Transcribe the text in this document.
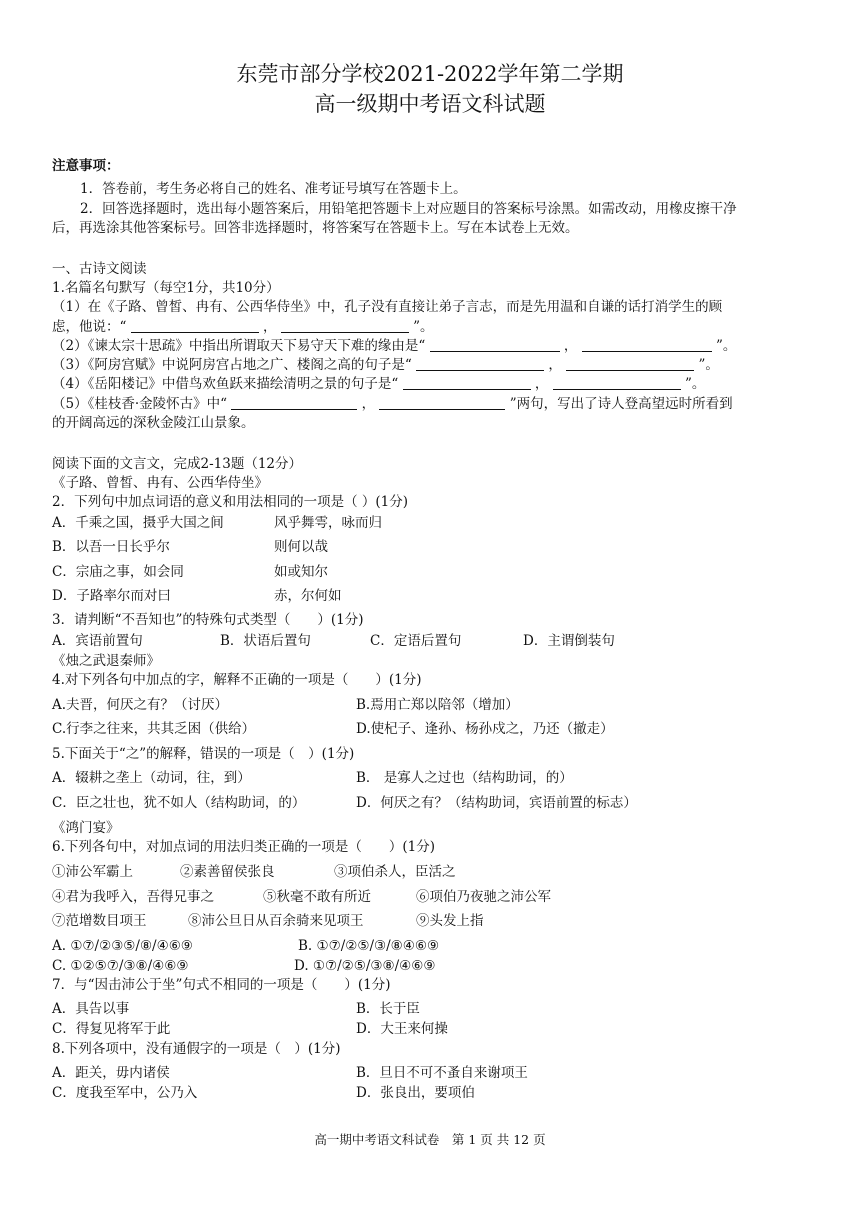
东莞市部分学校2021-2022学年第二学期
高一级期中考语文科试题
注意事项：
1．答卷前，考生务必将自己的姓名、准考证号填写在答题卡上。
2．回答选择题时，选出每小题答案后，用铅笔把答题卡上对应题目的答案标号涂黑。如需改动，用橡皮擦干净
后，再选涂其他答案标号。回答非选择题时，将答案写在答题卡上。写在本试卷上无效。
一、古诗文阅读
1.名篇名句默写（每空1分，共10分）
（1）在《子路、曾皙、冉有、公西华侍坐》中，孔子没有直接让弟子言志，而是先用温和自谦的话打消学生的顾
虑，他说：“	，	”。
（2）《谏太宗十思疏》中指出所谓取天下易守天下难的缘由是“	，	”。
（3）《阿房宫赋》中说阿房宫占地之广、楼阁之高的句子是“	，	”。
（4）《岳阳楼记》中借鸟欢鱼跃来描绘清明之景的句子是“	，	”。
（5）《桂枝香·金陵怀古》中“	，	”两句，写出了诗人登高望远时所看到
的开阔高远的深秋金陵江山景象。
阅读下面的文言文，完成2-13题（12分）
《子路、曾皙、冉有、公西华侍坐》
2．下列句中加点词语的意义和用法相同的一项是（ ）(1分)
A．千乘之国，摄乎大国之间	风乎舞雩，咏而归
B．以吾一日长乎尔	则何以哉
C．宗庙之事，如会同	如或知尔
D．子路率尔而对曰	赤，尔何如
3．请判断“不吾知也”的特殊句式类型（　　）(1分)
A．宾语前置句	B．状语后置句	C．定语后置句	D．主谓倒装句
《烛之武退秦师》
4.对下列各句中加点的字，解释不正确的一项是（　　）(1分)
A.夫晋，何厌之有？（讨厌）	B.焉用亡郑以陪邻（增加）
C.行李之往来，共其乏困（供给）	D.使杞子、逢孙、杨孙戍之，乃还（撤走）
5.下面关于“之”的解释，错误的一项是（　）(1分)
A．辍耕之垄上（动词，往，到）	B． 是寡人之过也（结构助词，的）
C．臣之壮也，犹不如人（结构助词，的）	D．何厌之有？（结构助词，宾语前置的标志）
《鸿门宴》
6.下列各句中，对加点词的用法归类正确的一项是（　　）(1分)
①沛公军霸上	②素善留侯张良	③项伯杀人，臣活之
④君为我呼入，吾得兄事之	⑤秋毫不敢有所近	⑥项伯乃夜驰之沛公军
⑦范增数目项王	⑧沛公旦日从百余骑来见项王	⑨头发上指
A. ①⑦/②③⑤/⑧/④⑥⑨	B. ①⑦/②⑤/③/⑧④⑥⑨
C. ①②⑤⑦/③⑧/④⑥⑨	D. ①⑦/②⑤/③⑧/④⑥⑨
7．与“因击沛公于坐”句式不相同的一项是（　　）(1分)
A．具告以事	B．长于臣
C．得复见将军于此	D．大王来何操
8.下列各项中，没有通假字的一项是（　）(1分)
A．距关，毋内诸侯	B．旦日不可不蚤自来谢项王
C．度我至军中，公乃入	D．张良出，要项伯
高一期中考语文科试卷　第 1 页 共 12 页
